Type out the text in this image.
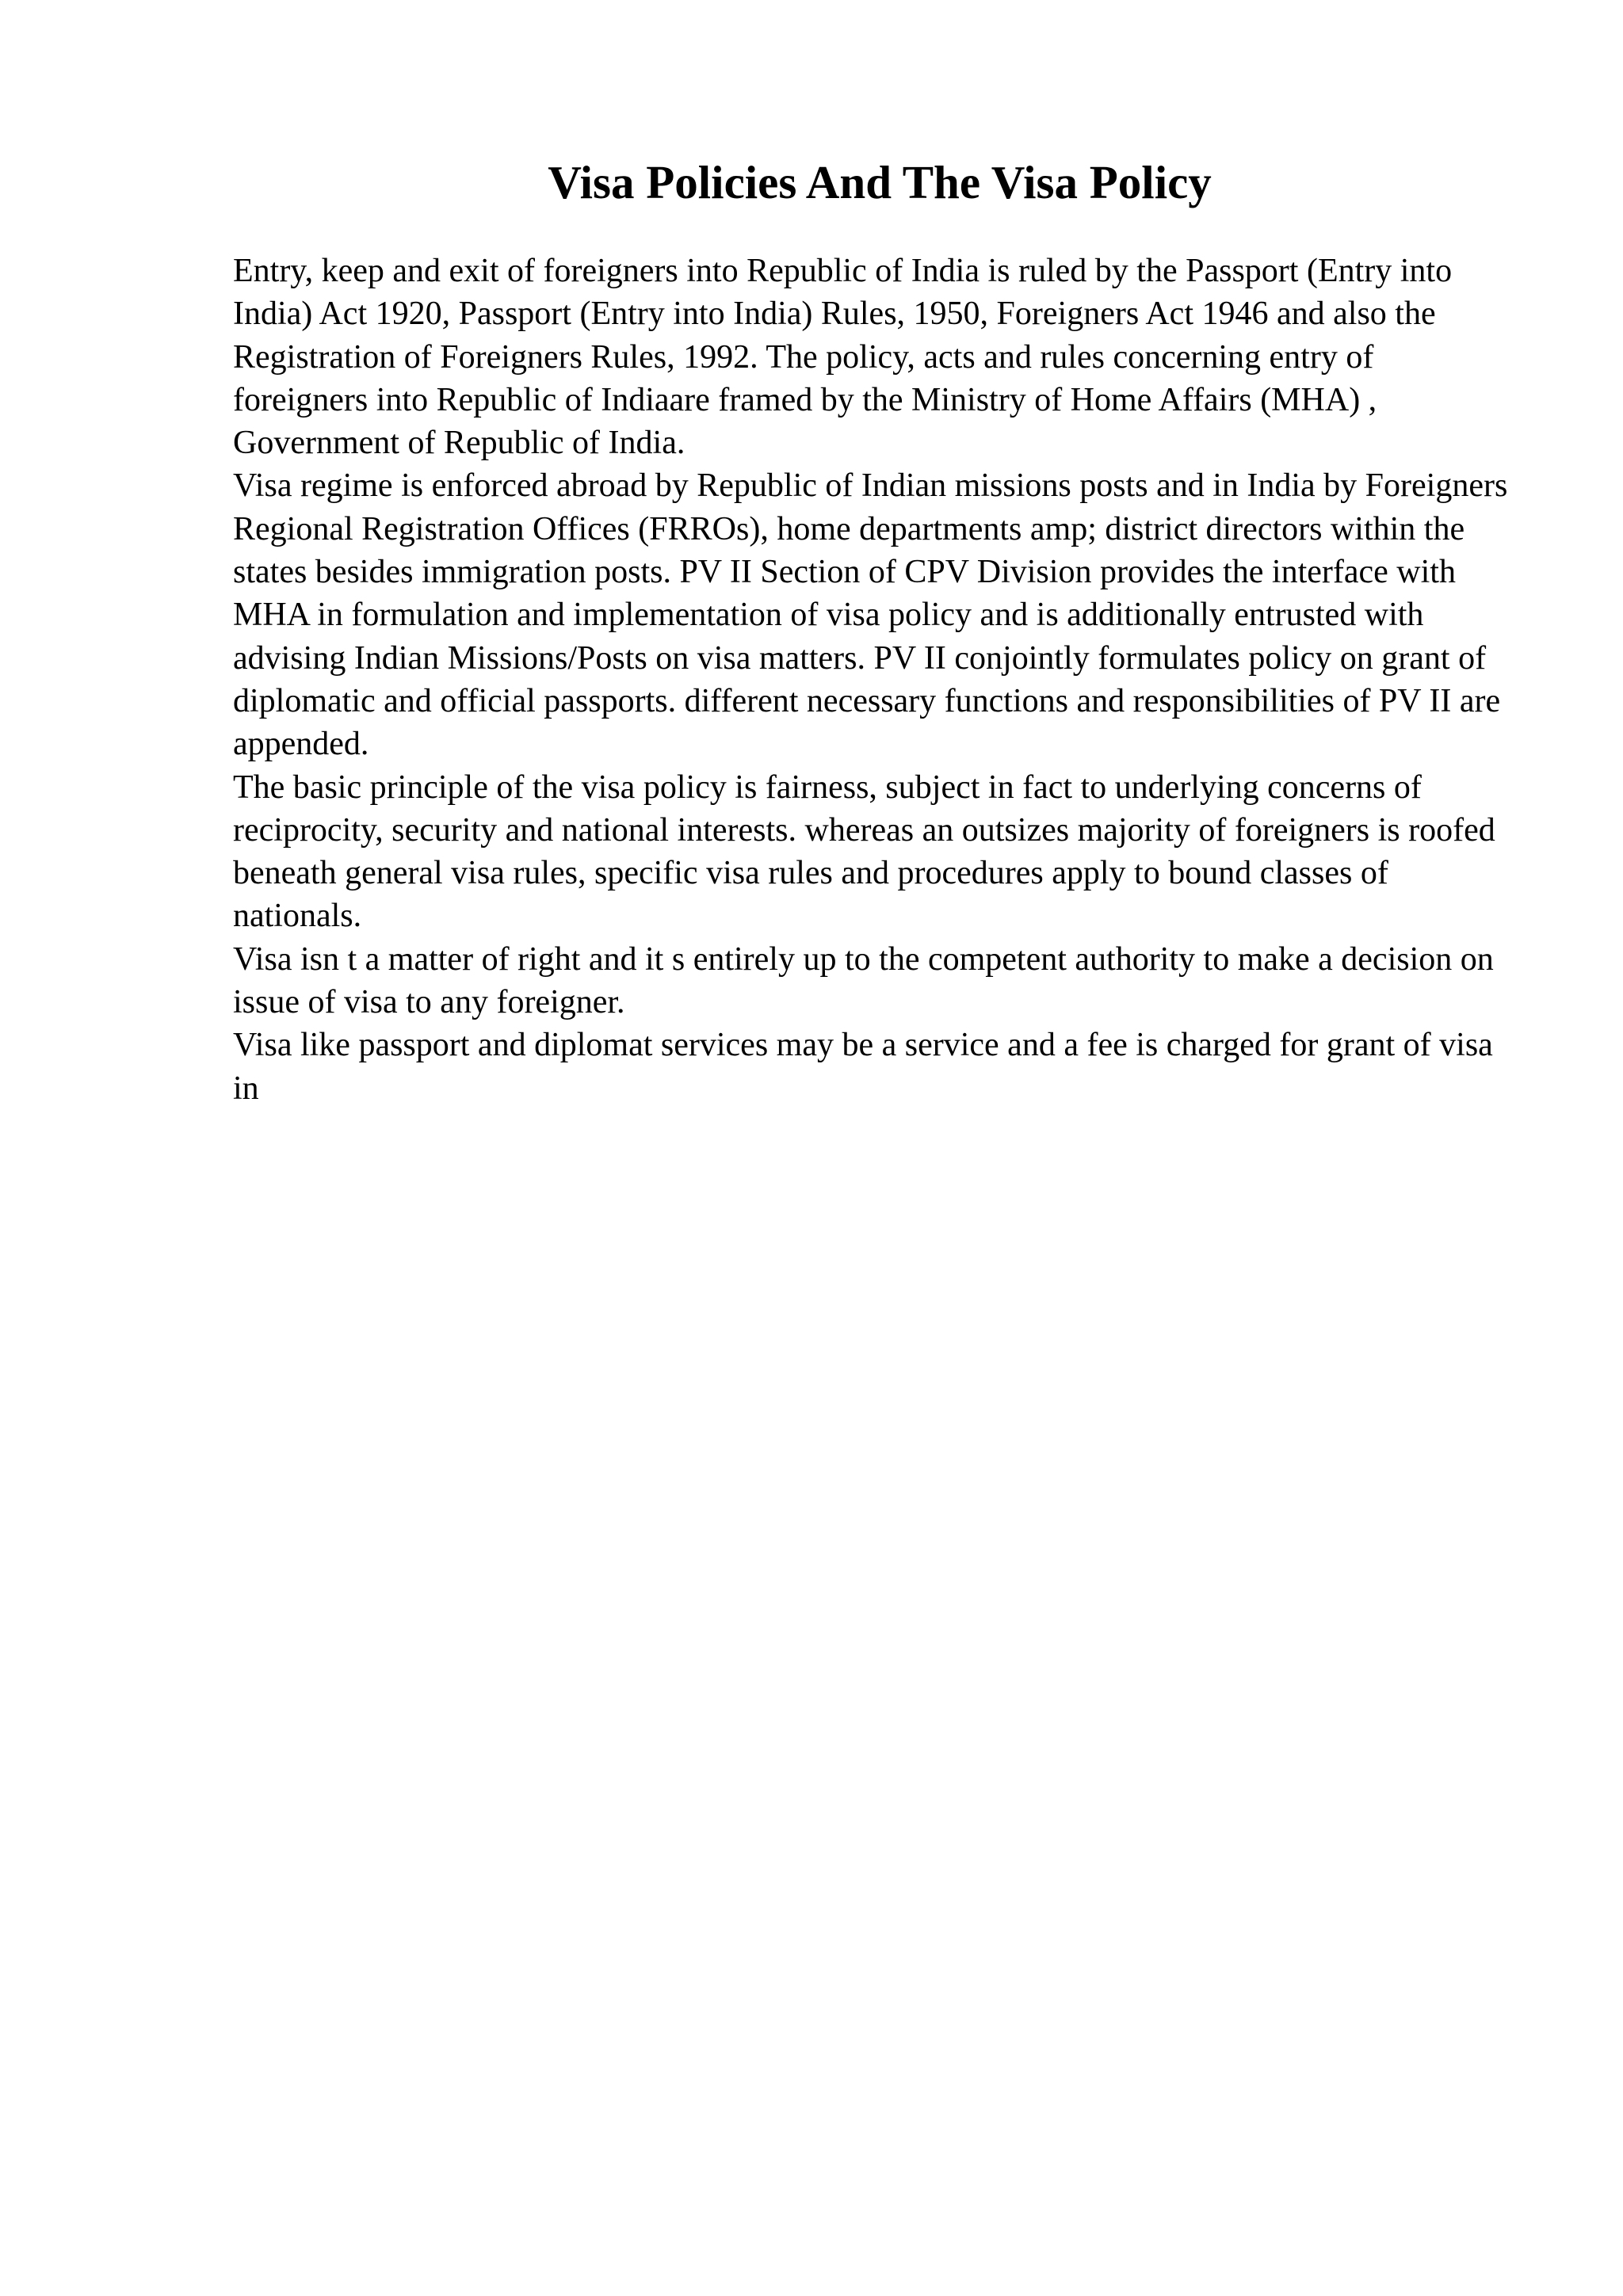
Visa Policies And The Visa Policy

Entry, keep and exit of foreigners into Republic of India is ruled by the Passport (Entry into India) Act 1920, Passport (Entry into India) Rules, 1950, Foreigners Act 1946 and also the Registration of Foreigners Rules, 1992. The policy, acts and rules concerning entry of foreigners into Republic of Indiaare framed by the Ministry of Home Affairs (MHA) , Government of Republic of India.

Visa regime is enforced abroad by Republic of Indian missions posts and in India by Foreigners Regional Registration Offices (FRROs), home departments amp; district directors within the states besides immigration posts. PV II Section of CPV Division provides the interface with MHA in formulation and implementation of visa policy and is additionally entrusted with advising Indian Missions/Posts on visa matters. PV II conjointly formulates policy on grant of diplomatic and official passports. different necessary functions and responsibilities of PV II are appended.

The basic principle of the visa policy is fairness, subject in fact to underlying concerns of reciprocity, security and national interests. whereas an outsizes majority of foreigners is roofed beneath general visa rules, specific visa rules and procedures apply to bound classes of nationals.

Visa isn t a matter of right and it s entirely up to the competent authority to make a decision on issue of visa to any foreigner.

Visa like passport and diplomat services may be a service and a fee is charged for grant of visa in
